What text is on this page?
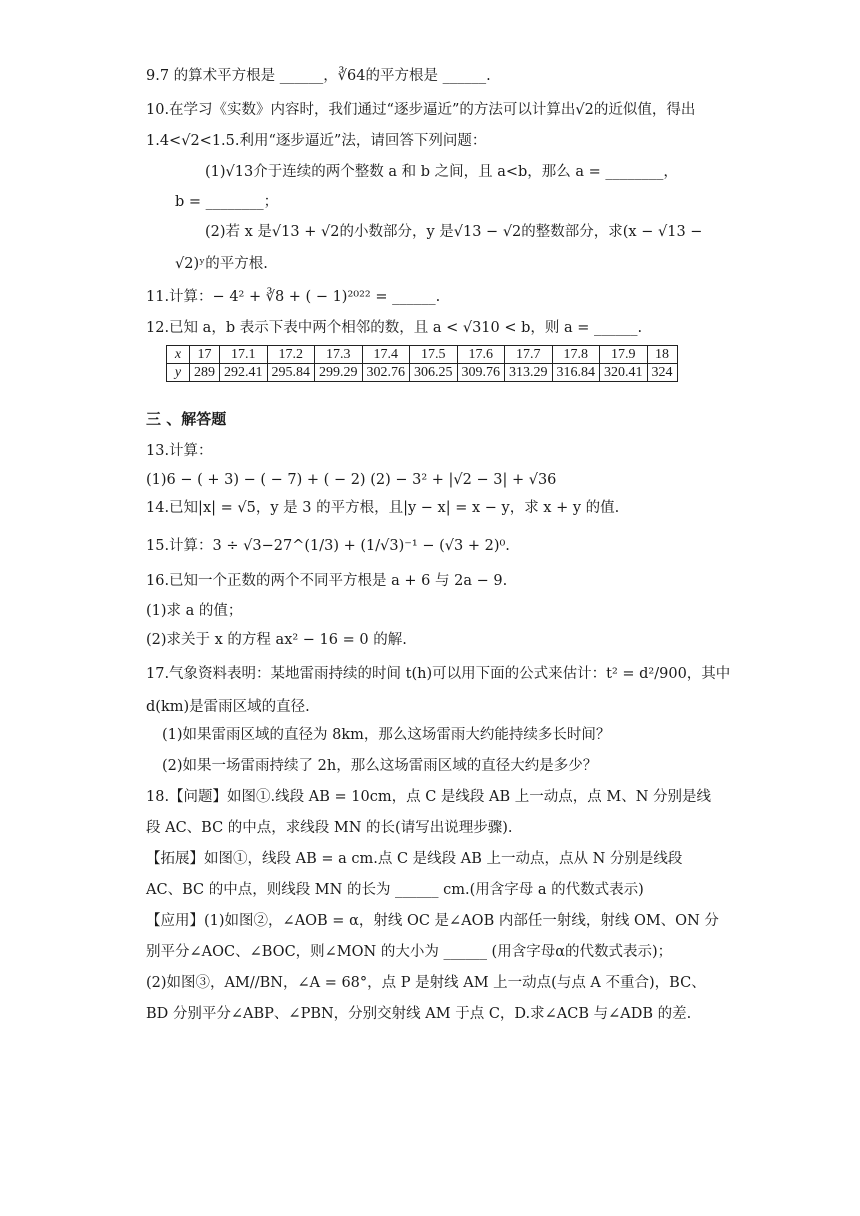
9.7 的算术平方根是 ______，∛64的平方根是 ______.
10.在学习《实数》内容时，我们通过“逐步逼近”的方法可以计算出√2的近似值，得出
1.4<√2<1.5.利用“逐步逼近”法，请回答下列问题：
(1)√13介于连续的两个整数 a 和 b 之间，且 a<b，那么 a = ________，
b = ________；
(2)若 x 是√13 + √2的小数部分，y 是√13 − √2的整数部分，求(x − √13 −
√2)ʸ的平方根.
11.计算：− 4² + ∛8 + ( − 1)²⁰²² = ______.
12.已知 a，b 表示下表中两个相邻的数，且 a < √310 < b，则 a = ______.
x	17	17.1	17.2	17.3	17.4	17.5	17.6	17.7	17.8	17.9	18
y	289	292.41	295.84	299.29	302.76	306.25	309.76	313.29	316.84	320.41	324
三 、解答题
13.计算：
(1)6 − ( + 3) − ( − 7) + ( − 2) (2) − 3² + |√2 − 3| + √36
14.已知|x| = √5，y 是 3 的平方根，且|y − x| = x − y，求 x + y 的值.
15.计算：3 ÷ √3−27^(1/3) + (1/√3)⁻¹ − (√3 + 2)⁰.
16.已知一个正数的两个不同平方根是 a + 6 与 2a − 9.
(1)求 a 的值；
(2)求关于 x 的方程 ax² − 16 = 0 的解.
17.气象资料表明：某地雷雨持续的时间 t(h)可以用下面的公式来估计：t² = d²/900，其中
d(km)是雷雨区域的直径.
(1)如果雷雨区域的直径为 8km，那么这场雷雨大约能持续多长时间？
(2)如果一场雷雨持续了 2h，那么这场雷雨区域的直径大约是多少？
18.【问题】如图①.线段 AB = 10cm，点 C 是线段 AB 上一动点，点 M、N 分别是线
段 AC、BC 的中点，求线段 MN 的长(请写出说理步骤).
【拓展】如图①，线段 AB = a cm.点 C 是线段 AB 上一动点，点从 N 分别是线段
AC、BC 的中点，则线段 MN 的长为 ______ cm.(用含字母 a 的代数式表示)
【应用】(1)如图②，∠AOB = α，射线 OC 是∠AOB 内部任一射线，射线 OM、ON 分
别平分∠AOC、∠BOC，则∠MON 的大小为 ______ (用含字母α的代数式表示)；
(2)如图③，AM//BN，∠A = 68°，点 P 是射线 AM 上一动点(与点 A 不重合)，BC、
BD 分别平分∠ABP、∠PBN，分别交射线 AM 于点 C，D.求∠ACB 与∠ADB 的差.
